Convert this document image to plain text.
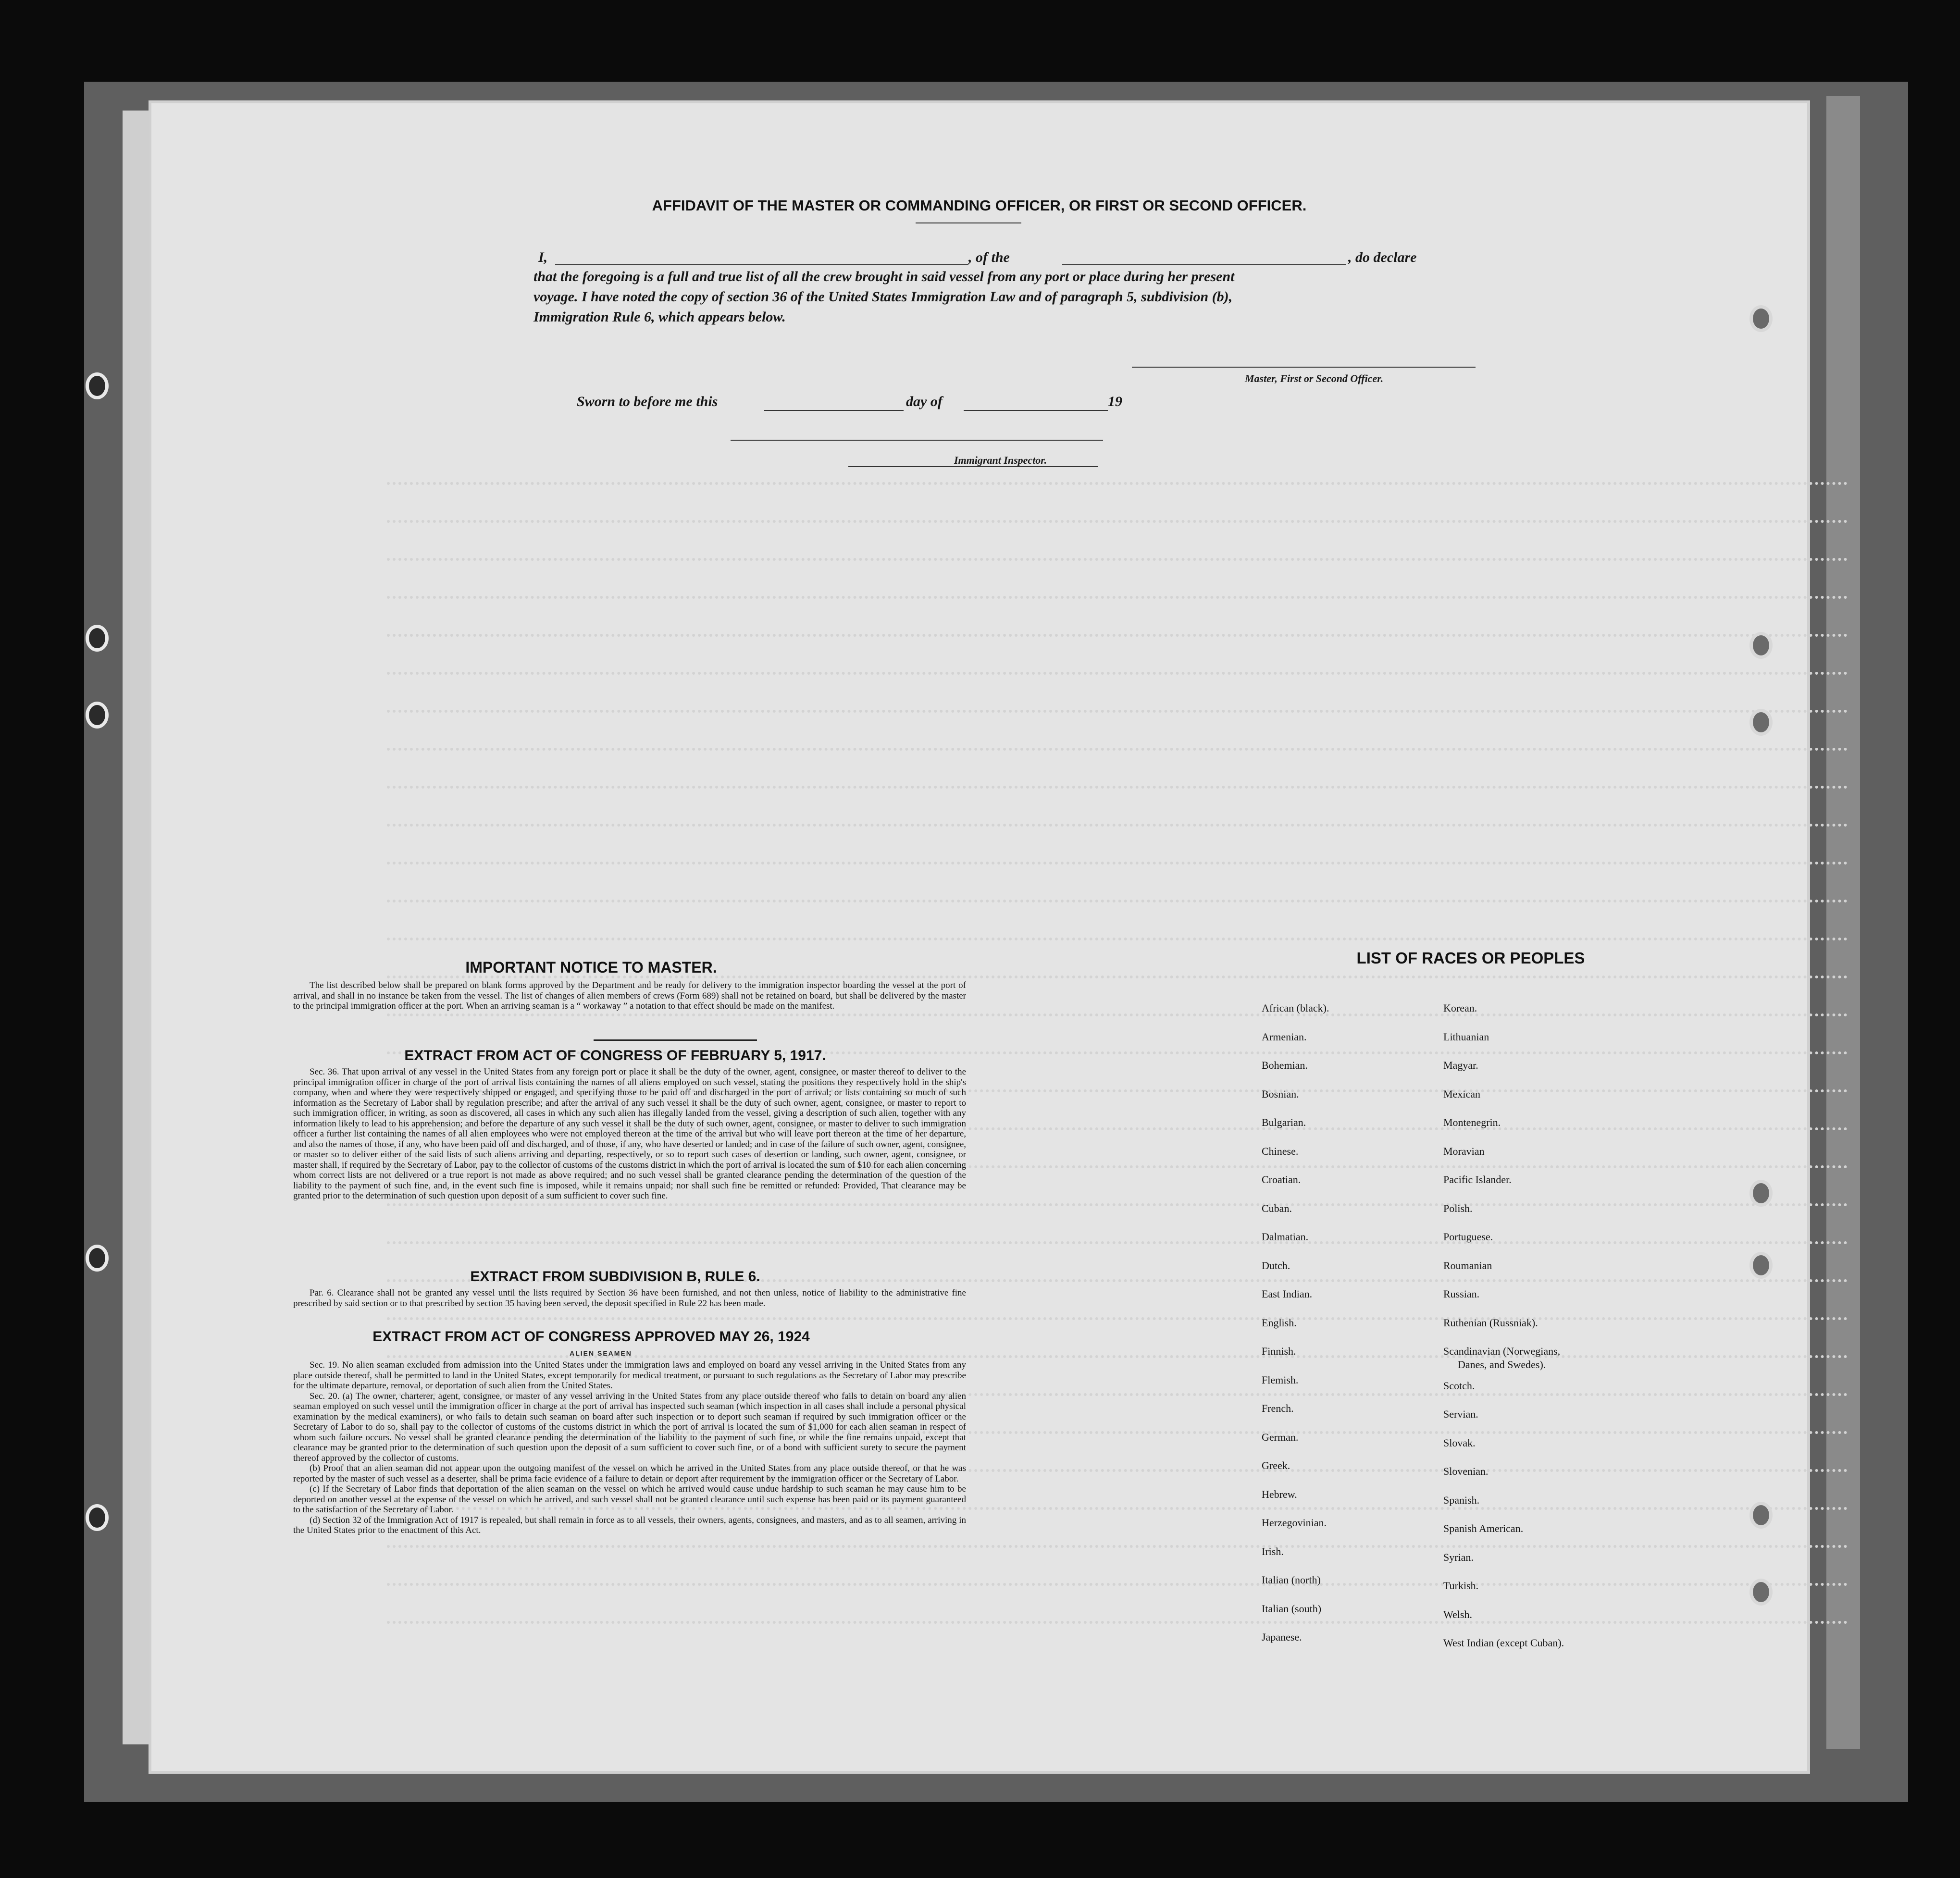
AFFIDAVIT OF THE MASTER OR COMMANDING OFFICER, OR FIRST OR SECOND OFFICER.
I,	, of the	, do declare
that the foregoing is a full and true list of all the crew brought in said vessel from any port or place during her present
voyage. I have noted the copy of section 36 of the United States Immigration Law and of paragraph 5, subdivision (b),
Immigration Rule 6, which appears below.
Master, First or Second Officer.
Sworn to before me this	day of	19
Immigrant Inspector.
IMPORTANT NOTICE TO MASTER.

The list described below shall be prepared on blank forms approved by the Department and be ready for delivery to the immigration inspector boarding the vessel at the port of arrival, and shall in no instance be taken from the vessel. The list of changes of alien members of crews (Form 689) shall not be retained on board, but shall be delivered by the master to the principal immigration officer at the port. When an arriving seaman is a “ workaway ” a notation to that effect should be made on the manifest.

EXTRACT FROM ACT OF CONGRESS OF FEBRUARY 5, 1917.

Sec. 36. That upon arrival of any vessel in the United States from any foreign port or place it shall be the duty of the owner, agent, consignee, or master thereof to deliver to the principal immigration officer in charge of the port of arrival lists containing the names of all aliens employed on such vessel, stating the positions they respectively hold in the ship's company, when and where they were respectively shipped or engaged, and specifying those to be paid off and discharged in the port of arrival; or lists containing so much of such information as the Secretary of Labor shall by regulation prescribe; and after the arrival of any such vessel it shall be the duty of such owner, agent, consignee, or master to report to such immigration officer, in writing, as soon as discovered, all cases in which any such alien has illegally landed from the vessel, giving a description of such alien, together with any information likely to lead to his apprehension; and before the departure of any such vessel it shall be the duty of such owner, agent, consignee, or master to deliver to such immigration officer a further list containing the names of all alien employees who were not employed thereon at the time of the arrival but who will leave port thereon at the time of her departure, and also the names of those, if any, who have been paid off and discharged, and of those, if any, who have deserted or landed; and in case of the failure of such owner, agent, consignee, or master so to deliver either of the said lists of such aliens arriving and departing, respectively, or so to report such cases of desertion or landing, such owner, agent, consignee, or master shall, if required by the Secretary of Labor, pay to the collector of customs of the customs district in which the port of arrival is located the sum of $10 for each alien concerning whom correct lists are not delivered or a true report is not made as above required; and no such vessel shall be granted clearance pending the determination of the question of the liability to the payment of such fine, and, in the event such fine is imposed, while it remains unpaid; nor shall such fine be remitted or refunded: Provided, That clearance may be granted prior to the determination of such question upon deposit of a sum sufficient to cover such fine.

EXTRACT FROM SUBDIVISION B, RULE 6.

Par. 6. Clearance shall not be granted any vessel until the lists required by Section 36 have been furnished, and not then unless, notice of liability to the administrative fine prescribed by said section or to that prescribed by section 35 having been served, the deposit specified in Rule 22 has been made.

EXTRACT FROM ACT OF CONGRESS APPROVED MAY 26, 1924
ALIEN SEAMEN

Sec. 19. No alien seaman excluded from admission into the United States under the immigration laws and employed on board any vessel arriving in the United States from any place outside thereof, shall be permitted to land in the United States, except temporarily for medical treatment, or pursuant to such regulations as the Secretary of Labor may prescribe for the ultimate departure, removal, or deportation of such alien from the United States.

Sec. 20. (a) The owner, charterer, agent, consignee, or master of any vessel arriving in the United States from any place outside thereof who fails to detain on board any alien seaman employed on such vessel until the immigration officer in charge at the port of arrival has inspected such seaman (which inspection in all cases shall include a personal physical examination by the medical examiners), or who fails to detain such seaman on board after such inspection or to deport such seaman if required by such immigration officer or the Secretary of Labor to do so, shall pay to the collector of customs of the customs district in which the port of arrival is located the sum of $1,000 for each alien seaman in respect of whom such failure occurs. No vessel shall be granted clearance pending the determination of the liability to the payment of such fine, or while the fine remains unpaid, except that clearance may be granted prior to the determination of such question upon the deposit of a sum sufficient to cover such fine, or of a bond with sufficient surety to secure the payment thereof approved by the collector of customs.

(b) Proof that an alien seaman did not appear upon the outgoing manifest of the vessel on which he arrived in the United States from any place outside thereof, or that he was reported by the master of such vessel as a deserter, shall be prima facie evidence of a failure to detain or deport after requirement by the immigration officer or the Secretary of Labor.

(c) If the Secretary of Labor finds that deportation of the alien seaman on the vessel on which he arrived would cause undue hardship to such seaman he may cause him to be deported on another vessel at the expense of the vessel on which he arrived, and such vessel shall not be granted clearance until such expense has been paid or its payment guaranteed to the satisfaction of the Secretary of Labor.

(d) Section 32 of the Immigration Act of 1917 is repealed, but shall remain in force as to all vessels, their owners, agents, consignees, and masters, and as to all seamen, arriving in the United States prior to the enactment of this Act.

LIST OF RACES OR PEOPLES
African (black).
Armenian.
Bohemian.
Bosnian.
Bulgarian.
Chinese.
Croatian.
Cuban.
Dalmatian.
Dutch.
East Indian.
English.
Finnish.
Flemish.
French.
German.
Greek.
Hebrew.
Herzegovinian.
Irish.
Italian (north)
Italian (south)
Japanese.
Korean.
Lithuanian
Magyar.
Mexican
Montenegrin.
Moravian
Pacific Islander.
Polish.
Portuguese.
Roumanian
Russian.
Ruthenian (Russniak).
Scandinavian (Norwegians,
Scotch.
Servian.
Slovak.
Slovenian.
Spanish.
Spanish American.
Syrian.
Turkish.
Welsh.
West Indian (except Cuban).
Danes, and Swedes).
